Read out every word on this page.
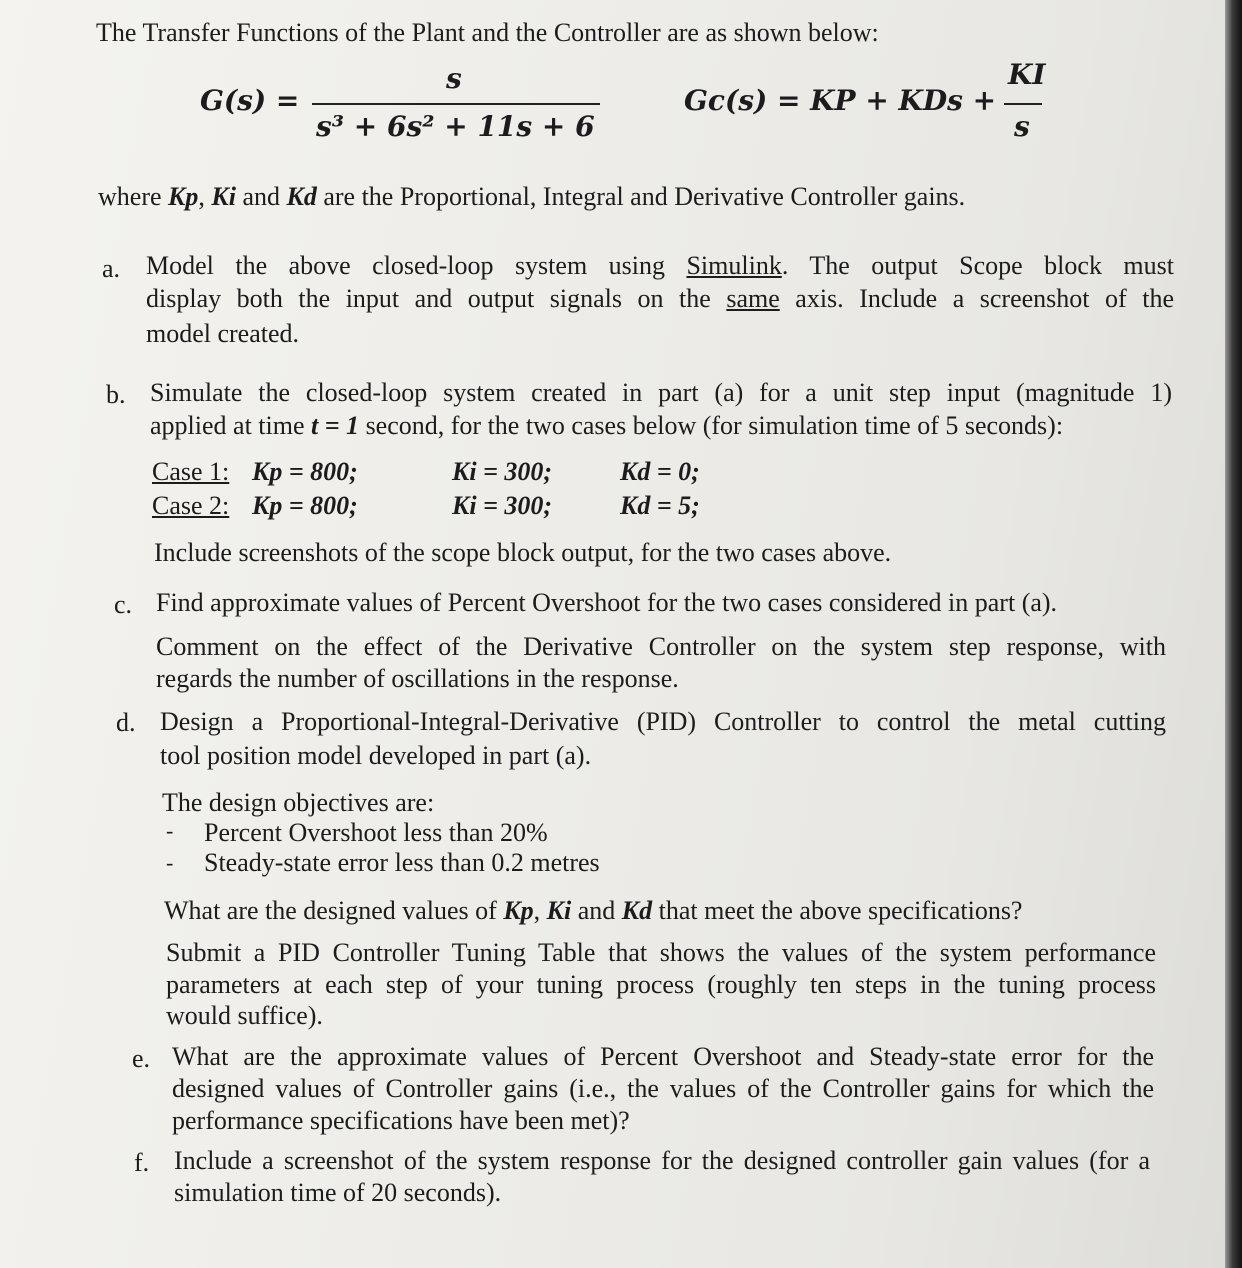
The Transfer Functions of the Plant and the Controller are as shown below:
G(s) =
s
s³ + 6s² + 11s + 6
Gc(s) = KP + KDs +
KI
s
where Kp, Ki and Kd are the Proportional, Integral and Derivative Controller gains.
a. Model the above closed-loop system using Simulink. The output Scope block must
display both the input and output signals on the same axis. Include a screenshot of the
model created.
b. Simulate the closed-loop system created in part (a) for a unit step input (magnitude 1)
applied at time t = 1 second, for the two cases below (for simulation time of 5 seconds):
Case 1: Kp = 800;	Ki = 300;	Kd = 0;
Case 2: Kp = 800;	Ki = 300;	Kd = 5;
Include screenshots of the scope block output, for the two cases above.
c. Find approximate values of Percent Overshoot for the two cases considered in part (a).
Comment on the effect of the Derivative Controller on the system step response, with
regards the number of oscillations in the response.
d. Design a Proportional-Integral-Derivative (PID) Controller to control the metal cutting
tool position model developed in part (a).
The design objectives are:
- Percent Overshoot less than 20%
- Steady-state error less than 0.2 metres
What are the designed values of Kp, Ki and Kd that meet the above specifications?
Submit a PID Controller Tuning Table that shows the values of the system performance
parameters at each step of your tuning process (roughly ten steps in the tuning process
would suffice).
e. What are the approximate values of Percent Overshoot and Steady-state error for the
designed values of Controller gains (i.e., the values of the Controller gains for which the
performance specifications have been met)?
f. Include a screenshot of the system response for the designed controller gain values (for a
simulation time of 20 seconds).
